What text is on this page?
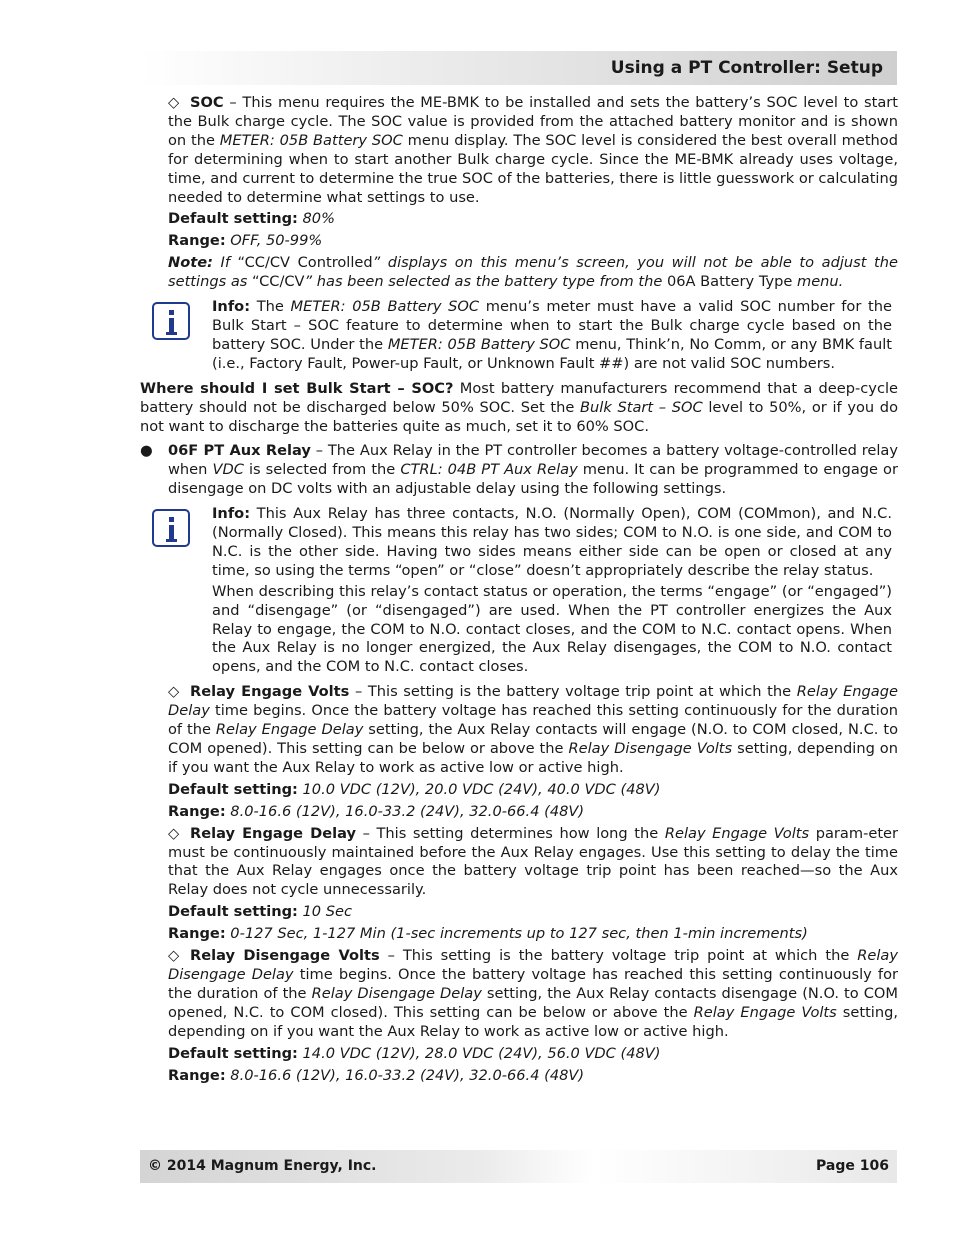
Using a PT Controller: Setup

◇ SOC – This menu requires the ME-BMK to be installed and sets the battery’s SOC level to start the Bulk charge cycle. The SOC value is provided from the attached battery monitor and is shown on the METER: 05B Battery SOC menu display. The SOC level is considered the best overall method for determining when to start another Bulk charge cycle. Since the ME-BMK already uses voltage, time, and current to determine the true SOC of the batteries, there is little guesswork or calculating needed to determine what settings to use.

Default setting: 80%

Range: OFF, 50-99%

Note: If “CC/CV Controlled” displays on this menu’s screen, you will not be able to adjust the settings as “CC/CV” has been selected as the battery type from the 06A Battery Type menu.

Info: The METER: 05B Battery SOC menu’s meter must have a valid SOC number for the Bulk Start – SOC feature to determine when to start the Bulk charge cycle based on the battery SOC. Under the METER: 05B Battery SOC menu, Think’n, No Comm, or any BMK fault (i.e., Factory Fault, Power-up Fault, or Unknown Fault ##) are not valid SOC numbers.

Where should I set Bulk Start – SOC? Most battery manufacturers recommend that a deep-cycle battery should not be discharged below 50% SOC. Set the Bulk Start – SOC level to 50%, or if you do not want to discharge the batteries quite as much, set it to 60% SOC.

● 06F PT Aux Relay – The Aux Relay in the PT controller becomes a battery voltage-controlled relay when VDC is selected from the CTRL: 04B PT Aux Relay menu. It can be programmed to engage or disengage on DC volts with an adjustable delay using the following settings.

Info: This Aux Relay has three contacts, N.O. (Normally Open), COM (COMmon), and N.C. (Normally Closed). This means this relay has two sides; COM to N.O. is one side, and COM to N.C. is the other side. Having two sides means either side can be open or closed at any time, so using the terms “open” or “close” doesn’t appropriately describe the relay status.

When describing this relay’s contact status or operation, the terms “engage” (or “engaged”) and “disengage” (or “disengaged”) are used. When the PT controller energizes the Aux Relay to engage, the COM to N.O. contact closes, and the COM to N.C. contact opens. When the Aux Relay is no longer energized, the Aux Relay disengages, the COM to N.O. contact opens, and the COM to N.C. contact closes.

◇ Relay Engage Volts – This setting is the battery voltage trip point at which the Relay Engage Delay time begins. Once the battery voltage has reached this setting continuously for the duration of the Relay Engage Delay setting, the Aux Relay contacts will engage (N.O. to COM closed, N.C. to COM opened). This setting can be below or above the Relay Disengage Volts setting, depending on if you want the Aux Relay to work as active low or active high.

Default setting: 10.0 VDC (12V), 20.0 VDC (24V), 40.0 VDC (48V)

Range: 8.0-16.6 (12V), 16.0-33.2 (24V), 32.0-66.4 (48V)

◇ Relay Engage Delay – This setting determines how long the Relay Engage Volts param-eter must be continuously maintained before the Aux Relay engages. Use this setting to delay the time that the Aux Relay engages once the battery voltage trip point has been reached—so the Aux Relay does not cycle unnecessarily.

Default setting: 10 Sec

Range: 0-127 Sec, 1-127 Min (1-sec increments up to 127 sec, then 1-min increments)

◇ Relay Disengage Volts – This setting is the battery voltage trip point at which the Relay Disengage Delay time begins. Once the battery voltage has reached this setting continuously for the duration of the Relay Disengage Delay setting, the Aux Relay contacts disengage (N.O. to COM opened, N.C. to COM closed). This setting can be below or above the Relay Engage Volts setting, depending on if you want the Aux Relay to work as active low or active high.

Default setting: 14.0 VDC (12V), 28.0 VDC (24V), 56.0 VDC (48V)

Range: 8.0-16.6 (12V), 16.0-33.2 (24V), 32.0-66.4 (48V)

© 2014 Magnum Energy, Inc.	Page 106
